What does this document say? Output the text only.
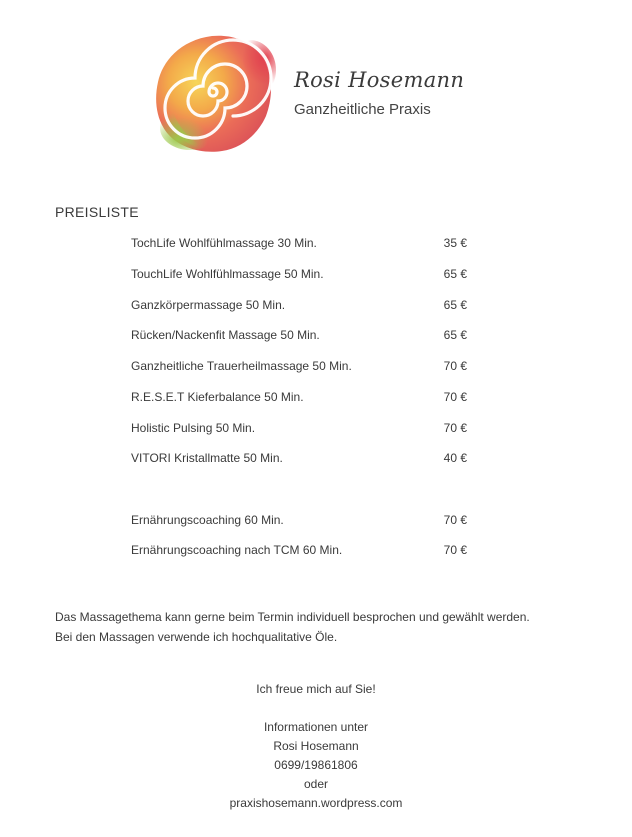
Rosi Hosemann
Ganzheitliche Praxis
PREISLISTE
TochLife Wohlfühlmassage 30 Min.	35 €
TouchLife Wohlfühlmassage 50 Min.	65 €
Ganzkörpermassage 50 Min.	65 €
Rücken/Nackenfit Massage 50 Min.	65 €
Ganzheitliche Trauerheilmassage 50 Min.	70 €
R.E.S.E.T Kieferbalance 50 Min.	70 €
Holistic Pulsing 50 Min.	70 €
VITORI Kristallmatte 50 Min.	40 €
Ernährungscoaching 60 Min.	70 €
Ernährungscoaching nach TCM 60 Min.	70 €
Das Massagethema kann gerne beim Termin individuell besprochen und gewählt werden.
Bei den Massagen verwende ich hochqualitative Öle.
Ich freue mich auf Sie!
Informationen unter
Rosi Hosemann
0699/19861806
oder
praxishosemann.wordpress.com
